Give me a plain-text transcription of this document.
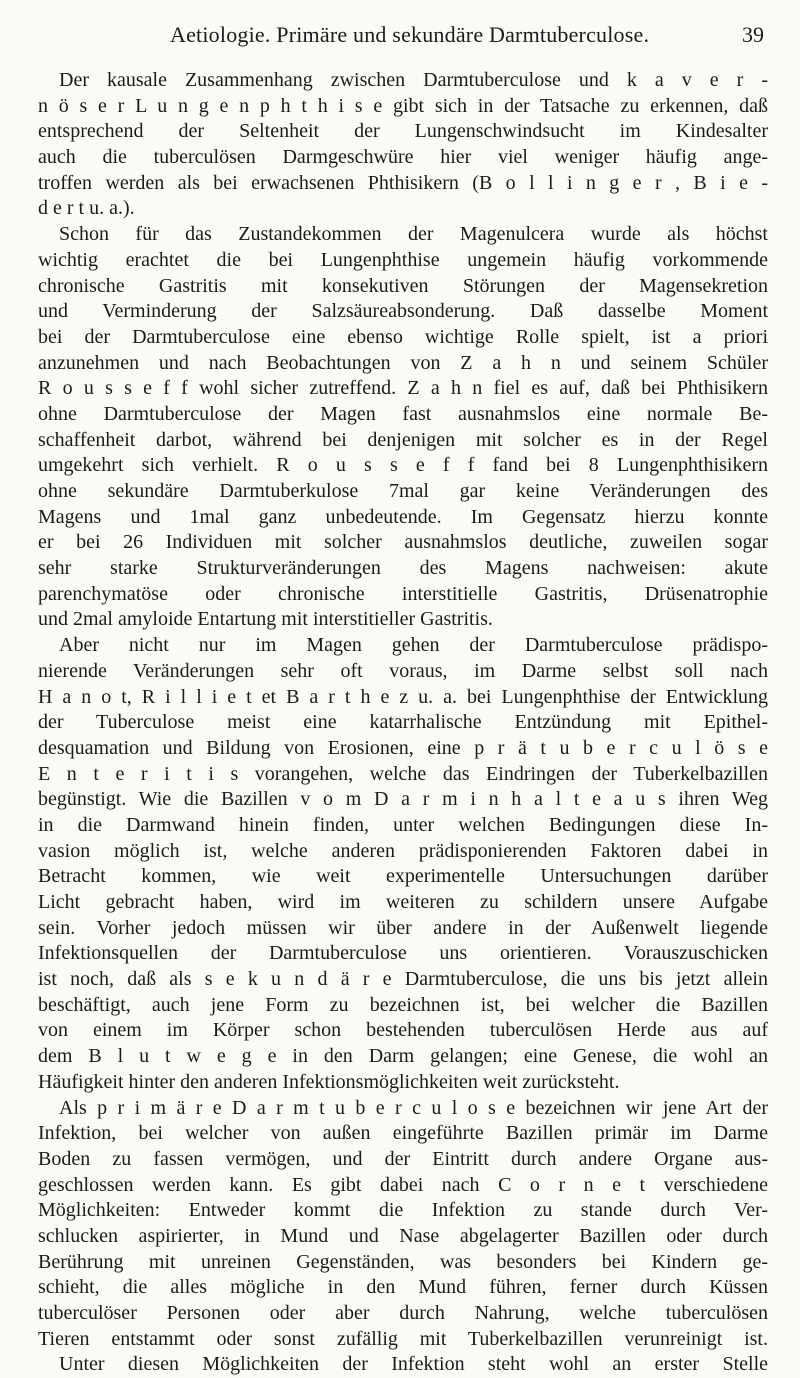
Aetiologie. Primäre und sekundäre Darmtuberculose.	39
Der kausale Zusammenhang zwischen Darmtuberculose und k a v e r -
n ö s e r L u n g e n p h t h i s e gibt sich in der Tatsache zu erkennen, daß
entsprechend der Seltenheit der Lungenschwindsucht im Kindesalter
auch die tuberculösen Darmgeschwüre hier viel weniger häufig ange-
troffen werden als bei erwachsenen Phthisikern (B o l l i n g e r , B i e -
d e r t u. a.).
Schon für das Zustandekommen der Magenulcera wurde als höchst
wichtig erachtet die bei Lungenphthise ungemein häufig vorkommende
chronische Gastritis mit konsekutiven Störungen der Magensekretion
und Verminderung der Salzsäureabsonderung. Daß dasselbe Moment
bei der Darmtuberculose eine ebenso wichtige Rolle spielt, ist a priori
anzunehmen und nach Beobachtungen von Z a h n und seinem Schüler
R o u s s e f f wohl sicher zutreffend. Z a h n fiel es auf, daß bei Phthisikern
ohne Darmtuberculose der Magen fast ausnahmslos eine normale Be-
schaffenheit darbot, während bei denjenigen mit solcher es in der Regel
umgekehrt sich verhielt. R o u s s e f f fand bei 8 Lungenphthisikern
ohne sekundäre Darmtuberkulose 7mal gar keine Veränderungen des
Magens und 1mal ganz unbedeutende. Im Gegensatz hierzu konnte
er bei 26 Individuen mit solcher ausnahmslos deutliche, zuweilen sogar
sehr starke Strukturveränderungen des Magens nachweisen: akute
parenchymatöse oder chronische interstitielle Gastritis, Drüsenatrophie
und 2mal amyloide Entartung mit interstitieller Gastritis.
Aber nicht nur im Magen gehen der Darmtuberculose prädispo-
nierende Veränderungen sehr oft voraus, im Darme selbst soll nach
H a n o t, R i l l i e t et B a r t h e z u. a. bei Lungenphthise der Entwicklung
der Tuberculose meist eine katarrhalische Entzündung mit Epithel-
desquamation und Bildung von Erosionen, eine p r ä t u b e r c u l ö s e
E n t e r i t i s vorangehen, welche das Eindringen der Tuberkelbazillen
begünstigt. Wie die Bazillen v o m D a r m i n h a l t e a u s ihren Weg
in die Darmwand hinein finden, unter welchen Bedingungen diese In-
vasion möglich ist, welche anderen prädisponierenden Faktoren dabei in
Betracht kommen, wie weit experimentelle Untersuchungen darüber
Licht gebracht haben, wird im weiteren zu schildern unsere Aufgabe
sein. Vorher jedoch müssen wir über andere in der Außenwelt liegende
Infektionsquellen der Darmtuberculose uns orientieren. Vorauszuschicken
ist noch, daß als s e k u n d ä r e Darmtuberculose, die uns bis jetzt allein
beschäftigt, auch jene Form zu bezeichnen ist, bei welcher die Bazillen
von einem im Körper schon bestehenden tuberculösen Herde aus auf
dem B l u t w e g e in den Darm gelangen; eine Genese, die wohl an
Häufigkeit hinter den anderen Infektionsmöglichkeiten weit zurücksteht.
Als p r i m ä r e D a r m t u b e r c u l o s e bezeichnen wir jene Art der
Infektion, bei welcher von außen eingeführte Bazillen primär im Darme
Boden zu fassen vermögen, und der Eintritt durch andere Organe aus-
geschlossen werden kann. Es gibt dabei nach C o r n e t verschiedene
Möglichkeiten: Entweder kommt die Infektion zu stande durch Ver-
schlucken aspirierter, in Mund und Nase abgelagerter Bazillen oder durch
Berührung mit unreinen Gegenständen, was besonders bei Kindern ge-
schieht, die alles mögliche in den Mund führen, ferner durch Küssen
tuberculöser Personen oder aber durch Nahrung, welche tuberculösen
Tieren entstammt oder sonst zufällig mit Tuberkelbazillen verunreinigt ist.
Unter diesen Möglichkeiten der Infektion steht wohl an erster Stelle
